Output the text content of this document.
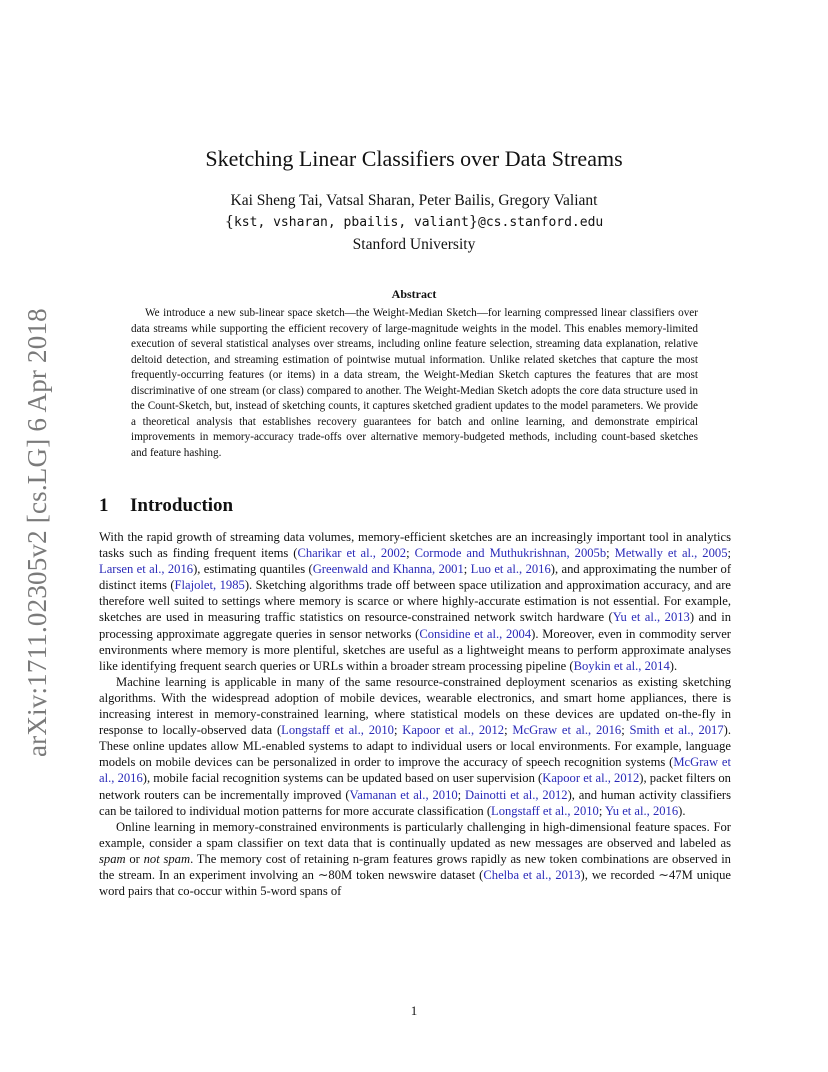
arXiv:1711.02305v2 [cs.LG] 6 Apr 2018
Sketching Linear Classifiers over Data Streams
Kai Sheng Tai, Vatsal Sharan, Peter Bailis, Gregory Valiant
{kst, vsharan, pbailis, valiant}@cs.stanford.edu
Stanford University
Abstract
We introduce a new sub-linear space sketch—the Weight-Median Sketch—for learning compressed linear classifiers over data streams while supporting the efficient recovery of large-magnitude weights in the model. This enables memory-limited execution of several statistical analyses over streams, including online feature selection, streaming data explanation, relative deltoid detection, and streaming estimation of pointwise mutual information. Unlike related sketches that capture the most frequently-occurring features (or items) in a data stream, the Weight-Median Sketch captures the features that are most discriminative of one stream (or class) compared to another. The Weight-Median Sketch adopts the core data structure used in the Count-Sketch, but, instead of sketching counts, it captures sketched gradient updates to the model parameters. We provide a theoretical analysis that establishes recovery guarantees for batch and online learning, and demonstrate empirical improvements in memory-accuracy trade-offs over alternative memory-budgeted methods, including count-based sketches and feature hashing.
1 Introduction

With the rapid growth of streaming data volumes, memory-efficient sketches are an increasingly important tool in analytics tasks such as finding frequent items (Charikar et al., 2002; Cormode and Muthukrishnan, 2005b; Metwally et al., 2005; Larsen et al., 2016), estimating quantiles (Greenwald and Khanna, 2001; Luo et al., 2016), and approximating the number of distinct items (Flajolet, 1985). Sketching algorithms trade off between space utilization and approximation accuracy, and are therefore well suited to settings where memory is scarce or where highly-accurate estimation is not essential. For example, sketches are used in measuring traffic statistics on resource-constrained network switch hardware (Yu et al., 2013) and in processing approximate aggregate queries in sensor networks (Considine et al., 2004). Moreover, even in commodity server environments where memory is more plentiful, sketches are useful as a lightweight means to perform approximate analyses like identifying frequent search queries or URLs within a broader stream processing pipeline (Boykin et al., 2014).

Machine learning is applicable in many of the same resource-constrained deployment scenarios as existing sketching algorithms. With the widespread adoption of mobile devices, wearable electronics, and smart home appliances, there is increasing interest in memory-constrained learning, where statistical models on these devices are updated on-the-fly in response to locally-observed data (Longstaff et al., 2010; Kapoor et al., 2012; McGraw et al., 2016; Smith et al., 2017). These online updates allow ML-enabled systems to adapt to individual users or local environments. For example, language models on mobile devices can be personalized in order to improve the accuracy of speech recognition systems (McGraw et al., 2016), mobile facial recognition systems can be updated based on user supervision (Kapoor et al., 2012), packet filters on network routers can be incrementally improved (Vamanan et al., 2010; Dainotti et al., 2012), and human activity classifiers can be tailored to individual motion patterns for more accurate classification (Longstaff et al., 2010; Yu et al., 2016).

Online learning in memory-constrained environments is particularly challenging in high-dimensional feature spaces. For example, consider a spam classifier on text data that is continually updated as new messages are observed and labeled as spam or not spam. The memory cost of retaining n-gram features grows rapidly as new token combinations are observed in the stream. In an experiment involving an ∼80M token newswire dataset (Chelba et al., 2013), we recorded ∼47M unique word pairs that co-occur within 5-word spans of

1
